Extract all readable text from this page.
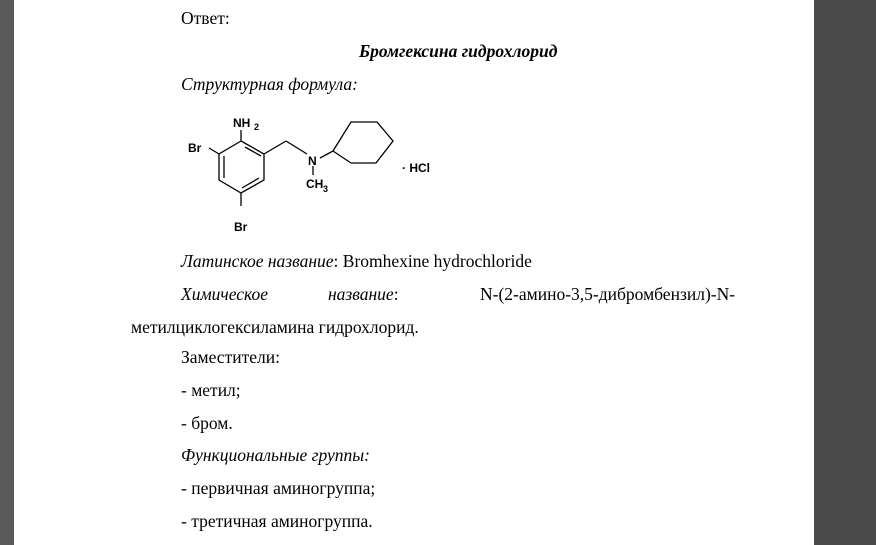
Ответ:
Бромгексина гидрохлорид
Структурная формула:
NH 2
Br
N
CH 3
· HCl
Br
Латинское название: Bromhexine hydrochloride
Химическое	название:	N-(2-амино-3,5-дибромбензил)-N-
метилциклогексиламина гидрохлорид.
Заместители:
- метил;
- бром.
Функциональные группы:
- первичная аминогруппа;
- третичная аминогруппа.
